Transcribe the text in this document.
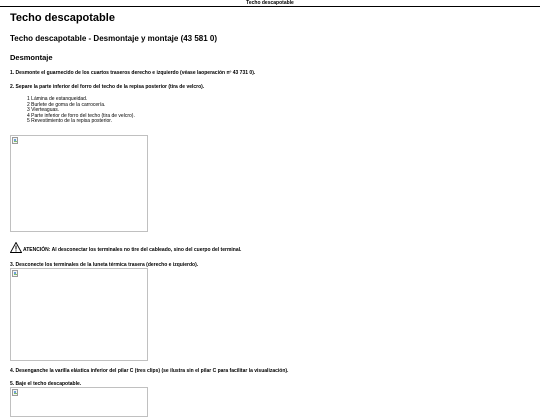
Techo descapotable
Techo descapotable
Techo descapotable - Desmontaje y montaje (43 581 0)
Desmontaje
1. Desmonte el guarnecido de los cuartos traseros derecho e izquierdo (véase laoperación nº 43 731 0).
2. Separe la parte inferior del forro del techo de la repisa posterior (tira de velcro).
1 Lámina de estanqueidad.
2 Burlete de goma de la carrocería.
3 Vierteaguas.
4 Parte inferior de forro del techo (tira de velcro).
5 Revestimiento de la repisa posterior.
ATENCIÓN: Al desconectar los terminales no tire del cableado, sino del cuerpo del terminal.
3. Desconecte los terminales de la luneta térmica trasera (derecho e izquierdo).
4. Desenganche la varilla elástica inferior del pilar C (tres clips) (se ilustra sin el pilar C para facilitar la visualización).
5. Baje el techo descapotable.
